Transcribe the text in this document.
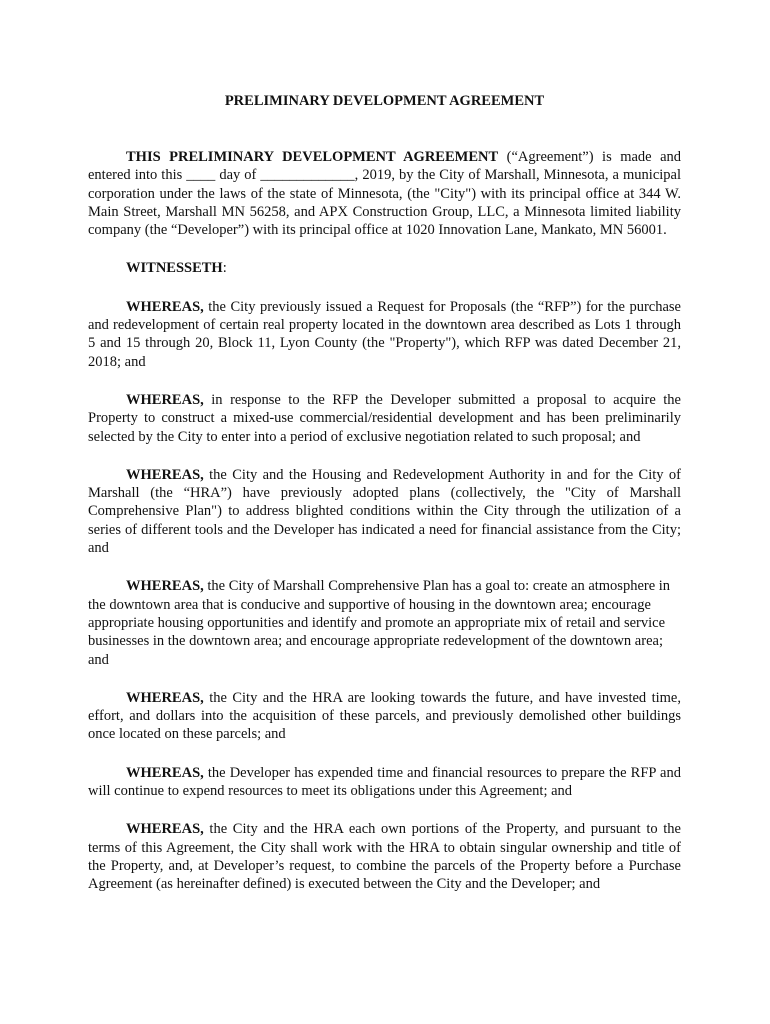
PRELIMINARY DEVELOPMENT AGREEMENT

THIS PRELIMINARY DEVELOPMENT AGREEMENT (“Agreement”) is made and entered into this ____ day of _____________, 2019, by the City of Marshall, Minnesota, a municipal corporation under the laws of the state of Minnesota, (the "City") with its principal office at 344 W. Main Street, Marshall MN 56258, and APX Construction Group, LLC, a Minnesota limited liability company (the “Developer”) with its principal office at 1020 Innovation Lane, Mankato, MN 56001.

WITNESSETH:

WHEREAS, the City previously issued a Request for Proposals (the “RFP”) for the purchase and redevelopment of certain real property located in the downtown area described as Lots 1 through 5 and 15 through 20, Block 11, Lyon County (the "Property"), which RFP was dated December 21, 2018; and

WHEREAS, in response to the RFP the Developer submitted a proposal to acquire the Property to construct a mixed-use commercial/residential development and has been preliminarily selected by the City to enter into a period of exclusive negotiation related to such proposal; and

WHEREAS, the City and the Housing and Redevelopment Authority in and for the City of Marshall (the “HRA”) have previously adopted plans (collectively, the "City of Marshall Comprehensive Plan") to address blighted conditions within the City through the utilization of a series of different tools and the Developer has indicated a need for financial assistance from the City; and

WHEREAS, the City of Marshall Comprehensive Plan has a goal to: create an atmosphere in the downtown area that is conducive and supportive of housing in the downtown area; encourage appropriate housing opportunities and identify and promote an appropriate mix of retail and service businesses in the downtown area; and encourage appropriate redevelopment of the downtown area; and

WHEREAS, the City and the HRA are looking towards the future, and have invested time, effort, and dollars into the acquisition of these parcels, and previously demolished other buildings once located on these parcels; and

WHEREAS, the Developer has expended time and financial resources to prepare the RFP and will continue to expend resources to meet its obligations under this Agreement; and

WHEREAS, the City and the HRA each own portions of the Property, and pursuant to the terms of this Agreement, the City shall work with the HRA to obtain singular ownership and title of the Property, and, at Developer’s request, to combine the parcels of the Property before a Purchase Agreement (as hereinafter defined) is executed between the City and the Developer; and
